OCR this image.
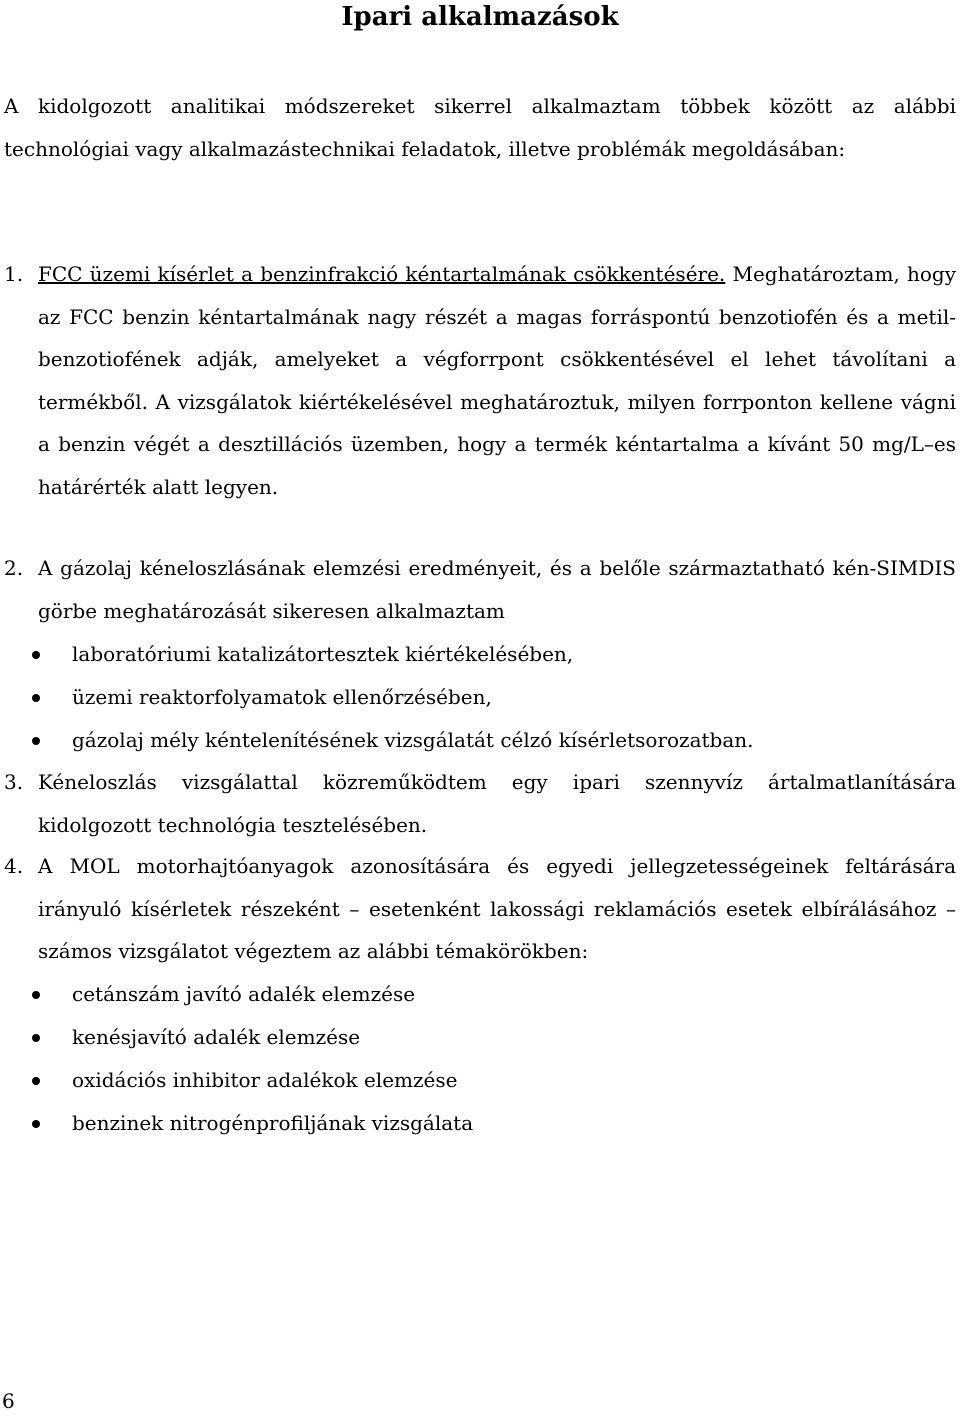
Ipari alkalmazások

A kidolgozott analitikai módszereket sikerrel alkalmaztam többek között az alábbi technológiai vagy alkalmazástechnikai feladatok, illetve problémák megoldásában:

1. FCC üzemi kísérlet a benzinfrakció kéntartalmának csökkentésére. Meghatároztam, hogy az FCC benzin kéntartalmának nagy részét a magas forráspontú benzotiofén és a metil-benzotiofének adják, amelyeket a végforrpont csökkentésével el lehet távolítani a termékből. A vizsgálatok kiértékelésével meghatároztuk, milyen forrponton kellene vágni a benzin végét a desztillációs üzemben, hogy a termék kéntartalma a kívánt 50 mg/L–es határérték alatt legyen.

2. A gázolaj kéneloszlásának elemzési eredményeit, és a belőle származtatható kén-SIMDIS görbe meghatározását sikeresen alkalmaztam

laboratóriumi katalizátortesztek kiértékelésében,
üzemi reaktorfolyamatok ellenőrzésében,
gázolaj mély kéntelenítésének vizsgálatát célzó kísérletsorozatban.
3. Kéneloszlás vizsgálattal közreműködtem egy ipari szennyvíz ártalmatlanítására kidolgozott technológia tesztelésében.

4. A MOL motorhajtóanyagok azonosítására és egyedi jellegzetességeinek feltárására irányuló kísérletek részeként – esetenként lakossági reklamációs esetek elbírálásához – számos vizsgálatot végeztem az alábbi témakörökben:

cetánszám javító adalék elemzése
kenésjavító adalék elemzése
oxidációs inhibitor adalékok elemzése
benzinek nitrogénprofiljának vizsgálata
6
